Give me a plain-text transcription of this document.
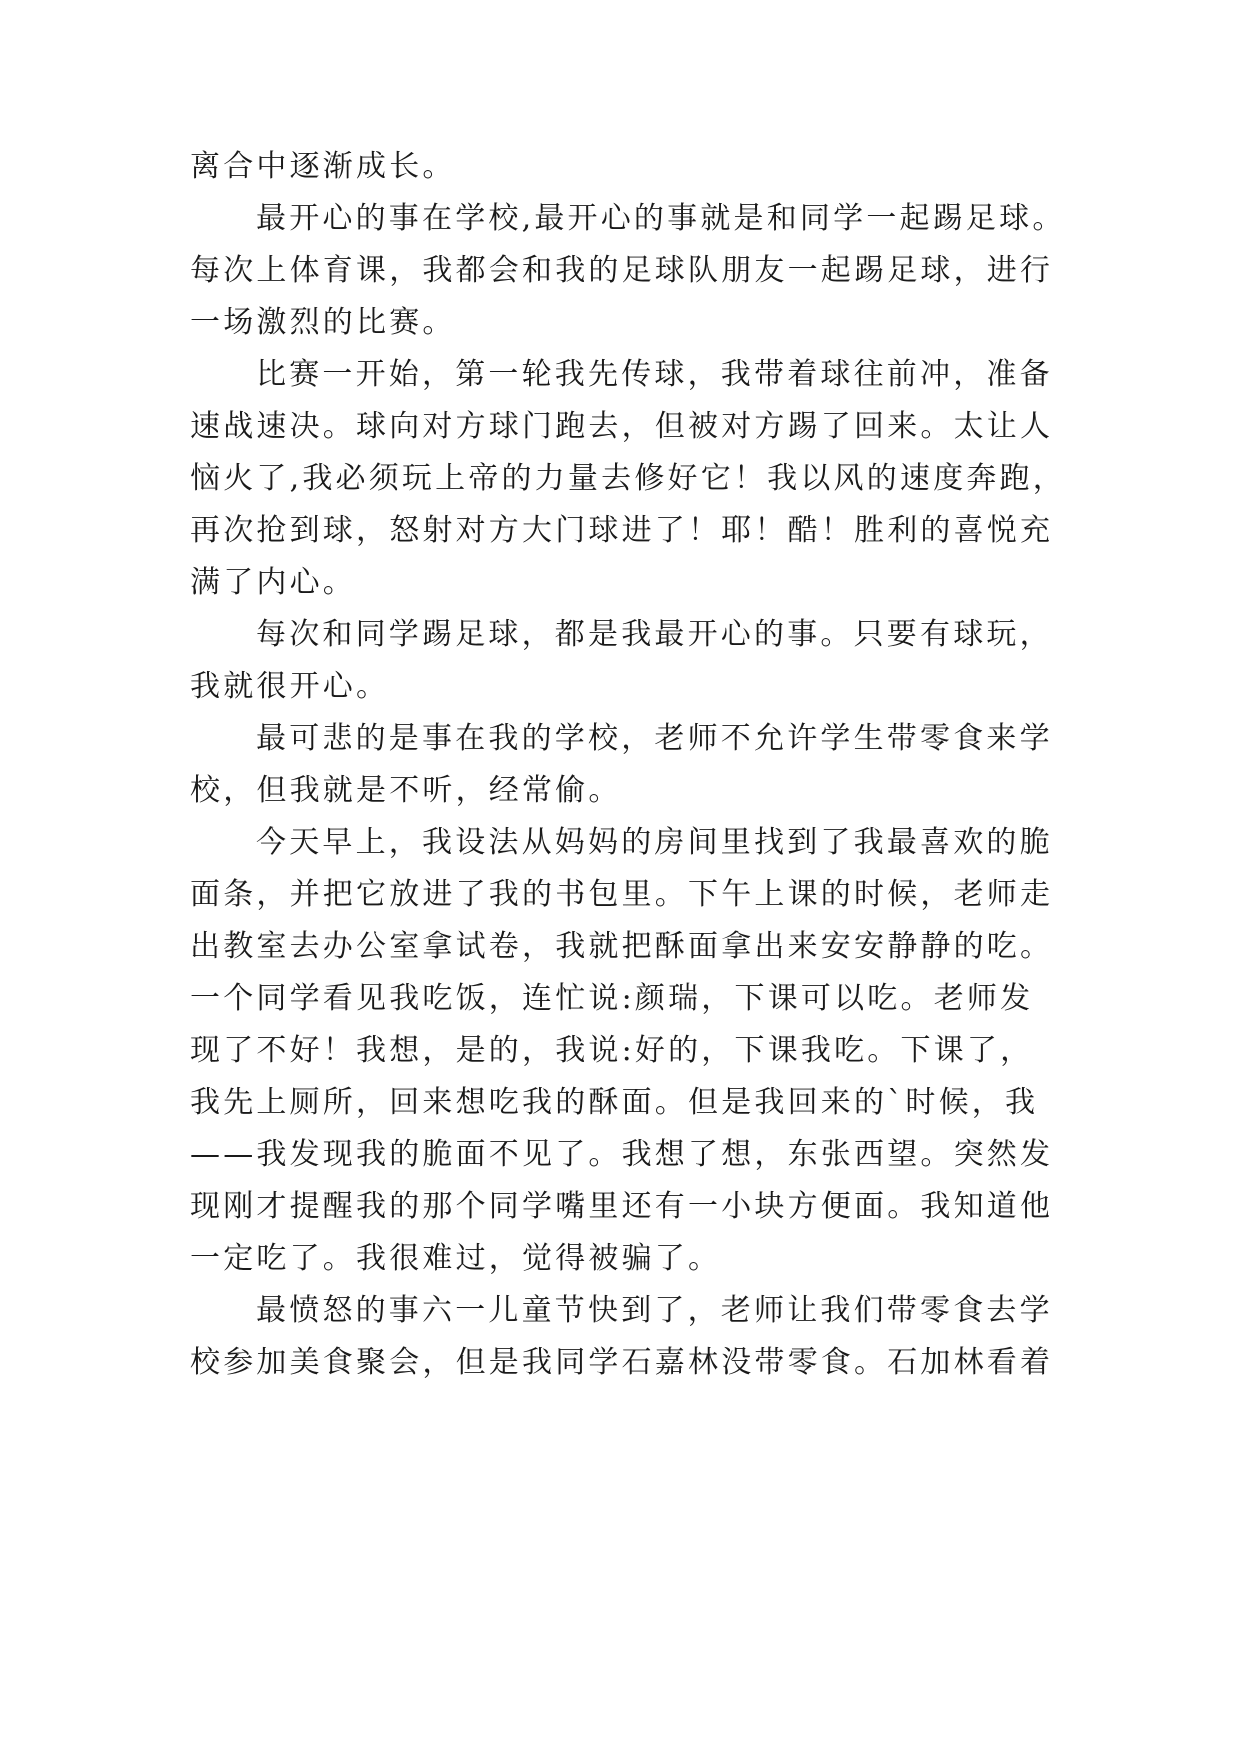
离合中逐渐成长。
最开心的事在学校,最开心的事就是和同学一起踢足球。
每次上体育课，我都会和我的足球队朋友一起踢足球，进行
一场激烈的比赛。
比赛一开始，第一轮我先传球，我带着球往前冲，准备
速战速决。球向对方球门跑去，但被对方踢了回来。太让人
恼火了,我必须玩上帝的力量去修好它！我以风的速度奔跑，
再次抢到球，怒射对方大门球进了！耶！酷！胜利的喜悦充
满了内心。
每次和同学踢足球，都是我最开心的事。只要有球玩，
我就很开心。
最可悲的是事在我的学校，老师不允许学生带零食来学
校，但我就是不听，经常偷。
今天早上，我设法从妈妈的房间里找到了我最喜欢的脆
面条，并把它放进了我的书包里。下午上课的时候，老师走
出教室去办公室拿试卷，我就把酥面拿出来安安静静的吃。
一个同学看见我吃饭，连忙说:颜瑞，下课可以吃。老师发
现了不好！我想，是的，我说:好的，下课我吃。下课了，
我先上厕所，回来想吃我的酥面。但是我回来的`时候，我
——我发现我的脆面不见了。我想了想，东张西望。突然发
现刚才提醒我的那个同学嘴里还有一小块方便面。我知道他
一定吃了。我很难过，觉得被骗了。
最愤怒的事六一儿童节快到了，老师让我们带零食去学
校参加美食聚会，但是我同学石嘉林没带零食。石加林看着
